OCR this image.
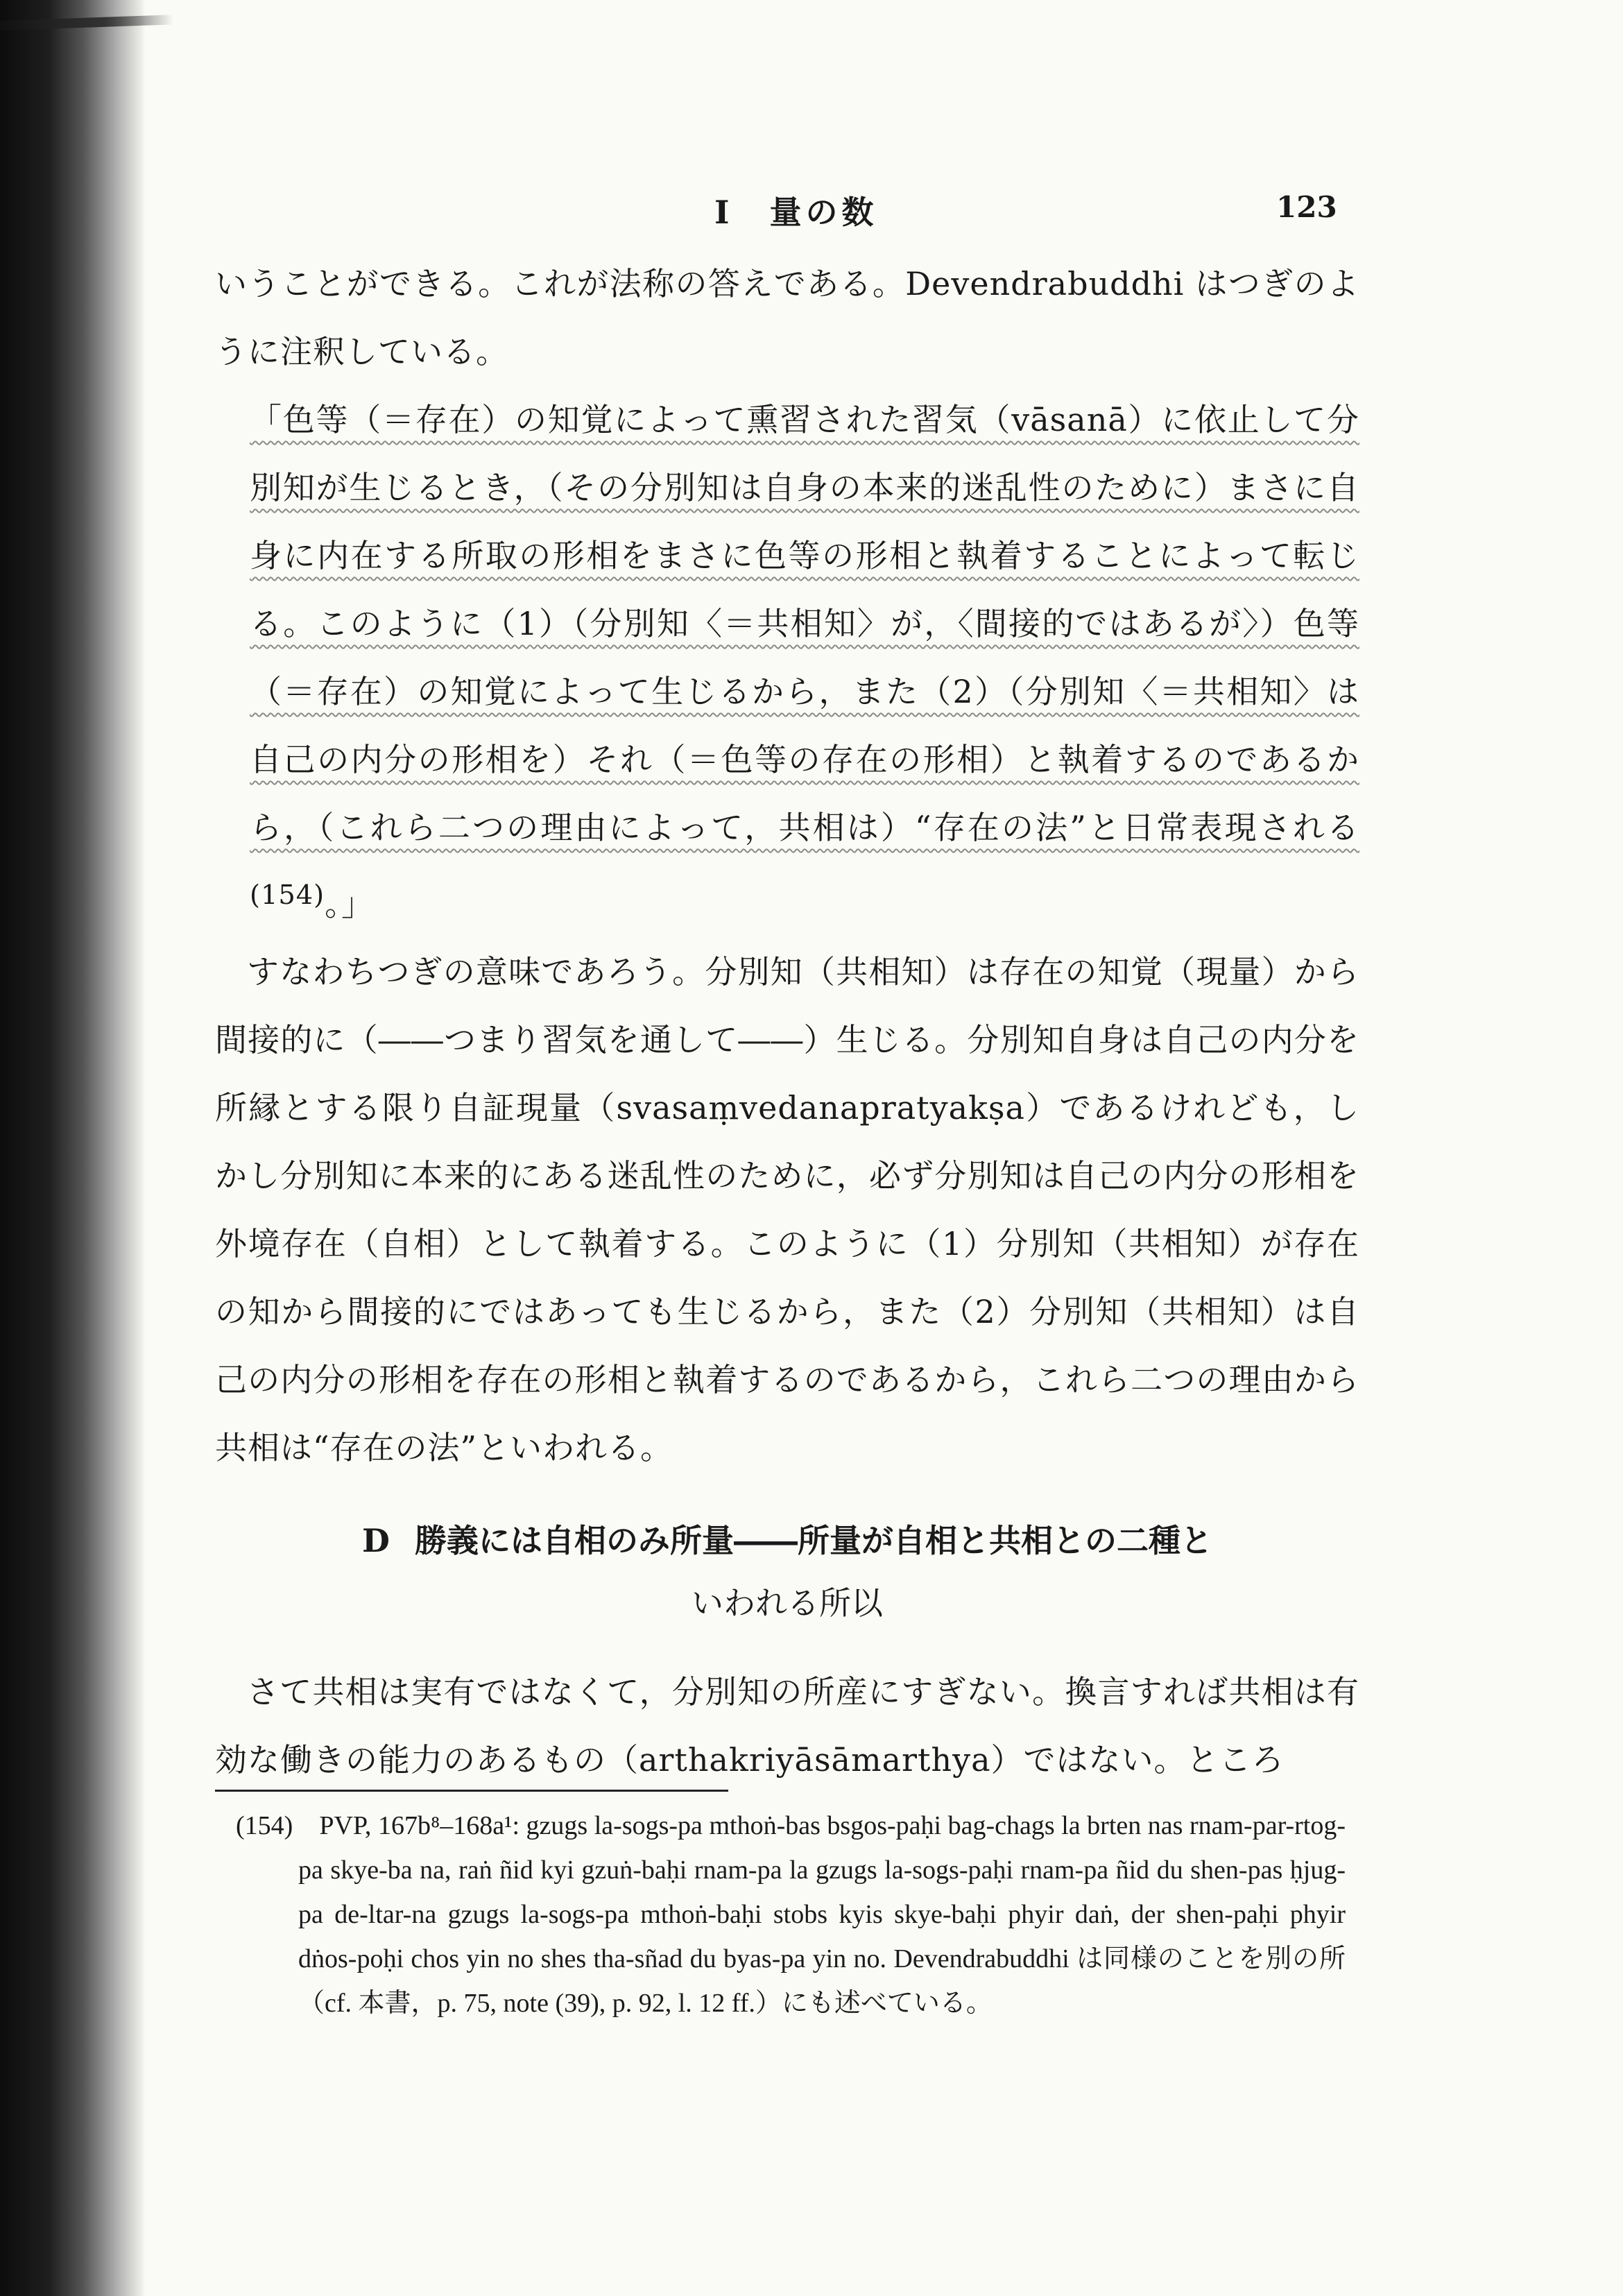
I　量の数	123

いうことができる。これが法称の答えである。Devendrabuddhi はつぎのように注釈している。

「色等（＝存在）の知覚によって熏習された習気（vāsanā）に依止して分別知が生じるとき，（その分別知は自身の本来的迷乱性のために）まさに自身に内在する所取の形相をまさに色等の形相と執着することによって転じる。このように（1）（分別知〈＝共相知〉が，〈間接的ではあるが〉）色等（＝存在）の知覚によって生じるから，また（2）（分別知〈＝共相知〉は自己の内分の形相を）それ（＝色等の存在の形相）と執着するのであるから，（これら二つの理由によって，共相は）“存在の法”と日常表現される$^{(154)}$。」

すなわちつぎの意味であろう。分別知（共相知）は存在の知覚（現量）から間接的に（――つまり習気を通して――）生じる。分別知自身は自己の内分を所縁とする限り自証現量（svasaṃvedanapratyakṣa）であるけれども，しかし分別知に本来的にある迷乱性のために，必ず分別知は自己の内分の形相を外境存在（自相）として執着する。このように（1）分別知（共相知）が存在の知から間接的にではあっても生じるから，また（2）分別知（共相知）は自己の内分の形相を存在の形相と執着するのであるから，これら二つの理由から共相は“存在の法”といわれる。

D 勝義には自相のみ所量――所量が自相と共相との二種と
いわれる所以

さて共相は実有ではなくて，分別知の所産にすぎない。換言すれば共相は有効な働きの能力のあるもの（arthakriyāsāmarthya）ではない。ところ

(154)　 PVP, 167b⁸–168a¹: gzugs la-sogs-pa mthoṅ-bas bsgos-paḥi bag-chags la brten nas rnam-par-rtog-pa skye-ba na, raṅ ñid kyi gzuṅ-baḥi rnam-pa la gzugs la-sogs-paḥi rnam-pa ñid du shen-pas ḥjug-pa de-ltar-na gzugs la-sogs-pa mthoṅ-baḥi stobs kyis skye-baḥi phyir daṅ, der shen-paḥi phyir dṅos-poḥi chos yin no shes tha-sñad du byas-pa yin no. Devendrabuddhi は同様のことを別の所（cf. 本書，p. 75, note (39), p. 92, l. 12 ff.）にも述べている。
